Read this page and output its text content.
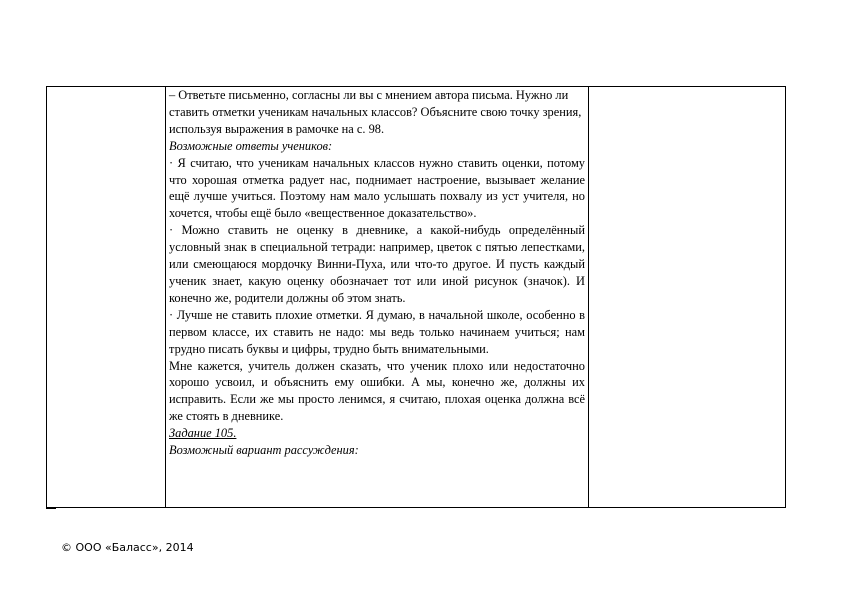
– Ответьте письменно, согласны ли вы с мнением автора письма. Нужно ли ставить отметки ученикам начальных классов? Объясните свою точку зрения, используя выражения в рамочке на с. 98.

Возможные ответы учеников:

· Я считаю, что ученикам начальных классов нужно ставить оценки, потому что хорошая отметка радует нас, поднимает настроение, вызывает желание ещё лучше учиться. Поэтому нам мало услышать похвалу из уст учителя, но хочется, чтобы ещё было «вещественное доказательство».

· Можно ставить не оценку в дневнике, а какой-нибудь определённый условный знак в специальной тетради: например, цветок с пятью лепестками, или смеющаюся мордочку Винни-Пуха, или что-то другое. И пусть каждый ученик знает, какую оценку обозначает тот или иной рисунок (значок). И конечно же, родители должны об этом знать.

· Лучше не ставить плохие отметки. Я думаю, в начальной школе, особенно в первом классе, их ставить не надо: мы ведь только начинаем учиться; нам трудно писать буквы и цифры, трудно быть внимательными.

Мне кажется, учитель должен сказать, что ученик плохо или недостаточно хорошо усвоил, и объяснить ему ошибки. А мы, конечно же, должны их исправить. Если же мы просто ленимся, я считаю, плохая оценка должна всё же стоять в дневнике.

Задание 105.

Возможный вариант рассуждения:

© ООО «Баласс», 2014
